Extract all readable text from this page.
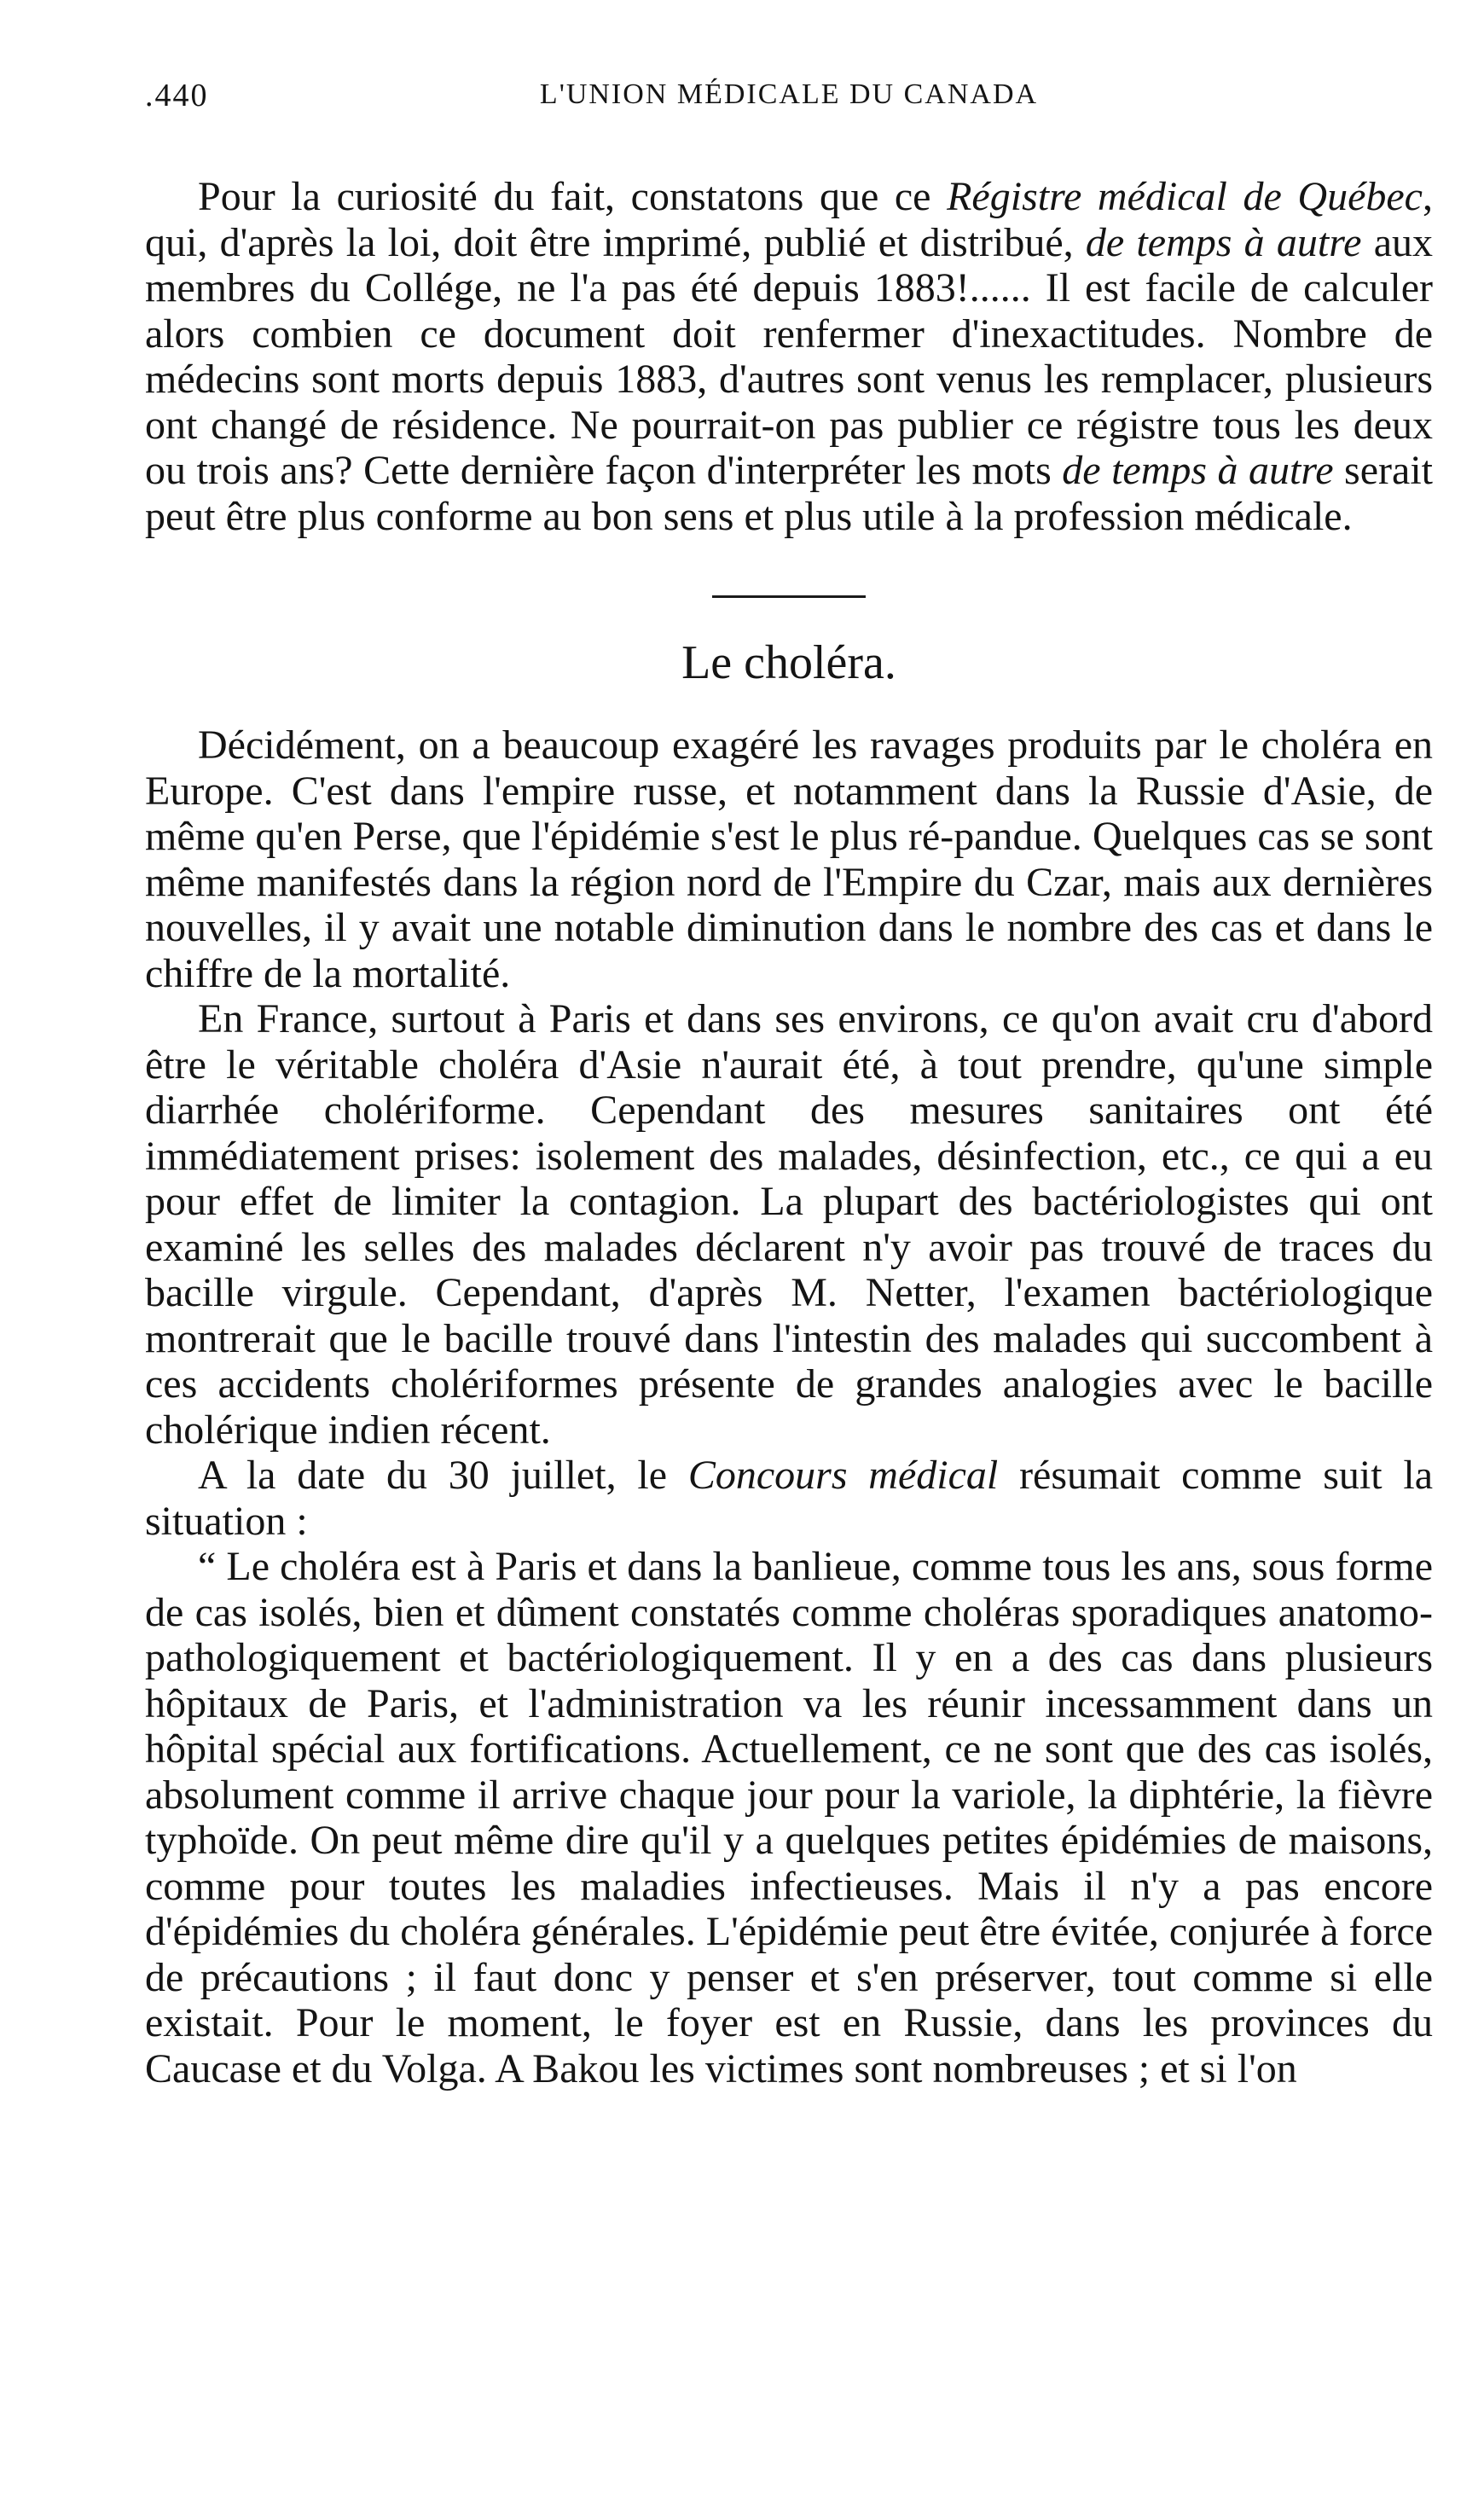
.440	L'UNION MÉDICALE DU CANADA

Pour la curiosité du fait, constatons que ce Régistre médical de Québec, qui, d'après la loi, doit être imprimé, publié et distribué, de temps à autre aux membres du Collége, ne l'a pas été depuis 1883!...... Il est facile de calculer alors combien ce document doit renfermer d'inexactitudes. Nombre de médecins sont morts depuis 1883, d'autres sont venus les remplacer, plusieurs ont changé de résidence. Ne pourrait-on pas publier ce régistre tous les deux ou trois ans? Cette dernière façon d'interpréter les mots de temps à autre serait peut être plus conforme au bon sens et plus utile à la profession médicale.

Le choléra.

Décidément, on a beaucoup exagéré les ravages produits par le choléra en Europe. C'est dans l'empire russe, et notamment dans la Russie d'Asie, de même qu'en Perse, que l'épidémie s'est le plus ré-pandue. Quelques cas se sont même manifestés dans la région nord de l'Empire du Czar, mais aux dernières nouvelles, il y avait une notable diminution dans le nombre des cas et dans le chiffre de la mortalité.

En France, surtout à Paris et dans ses environs, ce qu'on avait cru d'abord être le véritable choléra d'Asie n'aurait été, à tout prendre, qu'une simple diarrhée cholériforme. Cependant des mesures sanitaires ont été immédiatement prises: isolement des malades, désinfection, etc., ce qui a eu pour effet de limiter la contagion. La plupart des bactériologistes qui ont examiné les selles des malades déclarent n'y avoir pas trouvé de traces du bacille virgule. Cependant, d'après M. Netter, l'examen bactériologique montrerait que le bacille trouvé dans l'intestin des malades qui succombent à ces accidents cholériformes présente de grandes analogies avec le bacille cholérique indien récent.

A la date du 30 juillet, le Concours médical résumait comme suit la situation :

“ Le choléra est à Paris et dans la banlieue, comme tous les ans, sous forme de cas isolés, bien et dûment constatés comme choléras sporadiques anatomo-pathologiquement et bactériologiquement. Il y en a des cas dans plusieurs hôpitaux de Paris, et l'administration va les réunir incessamment dans un hôpital spécial aux fortifications. Actuellement, ce ne sont que des cas isolés, absolument comme il arrive chaque jour pour la variole, la diphtérie, la fièvre typhoïde. On peut même dire qu'il y a quelques petites épidémies de maisons, comme pour toutes les maladies infectieuses. Mais il n'y a pas encore d'épidémies du choléra générales. L'épidémie peut être évitée, conjurée à force de précautions ; il faut donc y penser et s'en préserver, tout comme si elle existait. Pour le moment, le foyer est en Russie, dans les provinces du Caucase et du Volga. A Bakou les victimes sont nombreuses ; et si l'on
